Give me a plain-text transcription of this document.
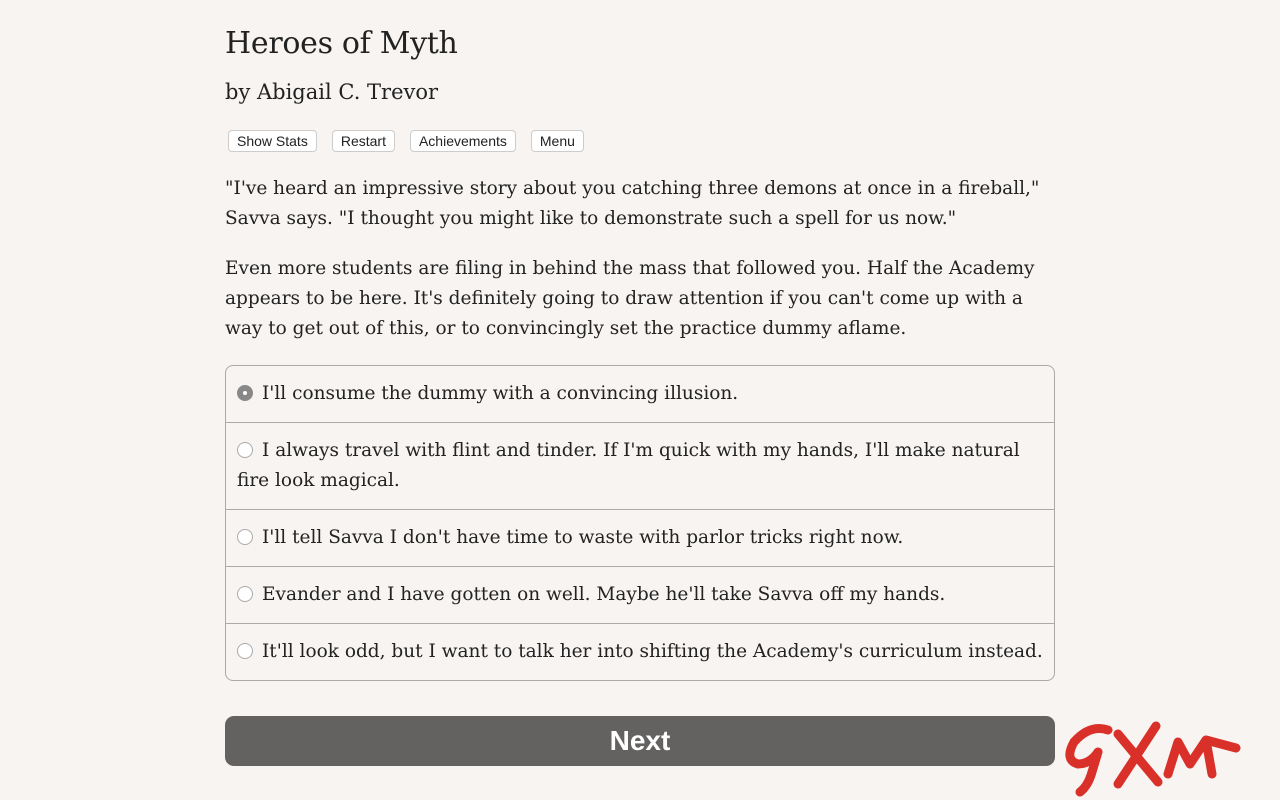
Heroes of Myth
by Abigail C. Trevor
Show Stats	Restart	Achievements	Menu

"I've heard an impressive story about you catching three demons at once in a fireball," Savva says. "I thought you might like to demonstrate such a spell for us now."

Even more students are filing in behind the mass that followed you. Half the Academy appears to be here. It's definitely going to draw attention if you can't come up with a way to get out of this, or to convincingly set the practice dummy aflame.

I'll consume the dummy with a convincing illusion.
I always travel with flint and tinder. If I'm quick with my hands, I'll make natural fire look magical.
I'll tell Savva I don't have time to waste with parlor tricks right now.
Evander and I have gotten on well. Maybe he'll take Savva off my hands.
It'll look odd, but I want to talk her into shifting the Academy's curriculum instead.
Next
